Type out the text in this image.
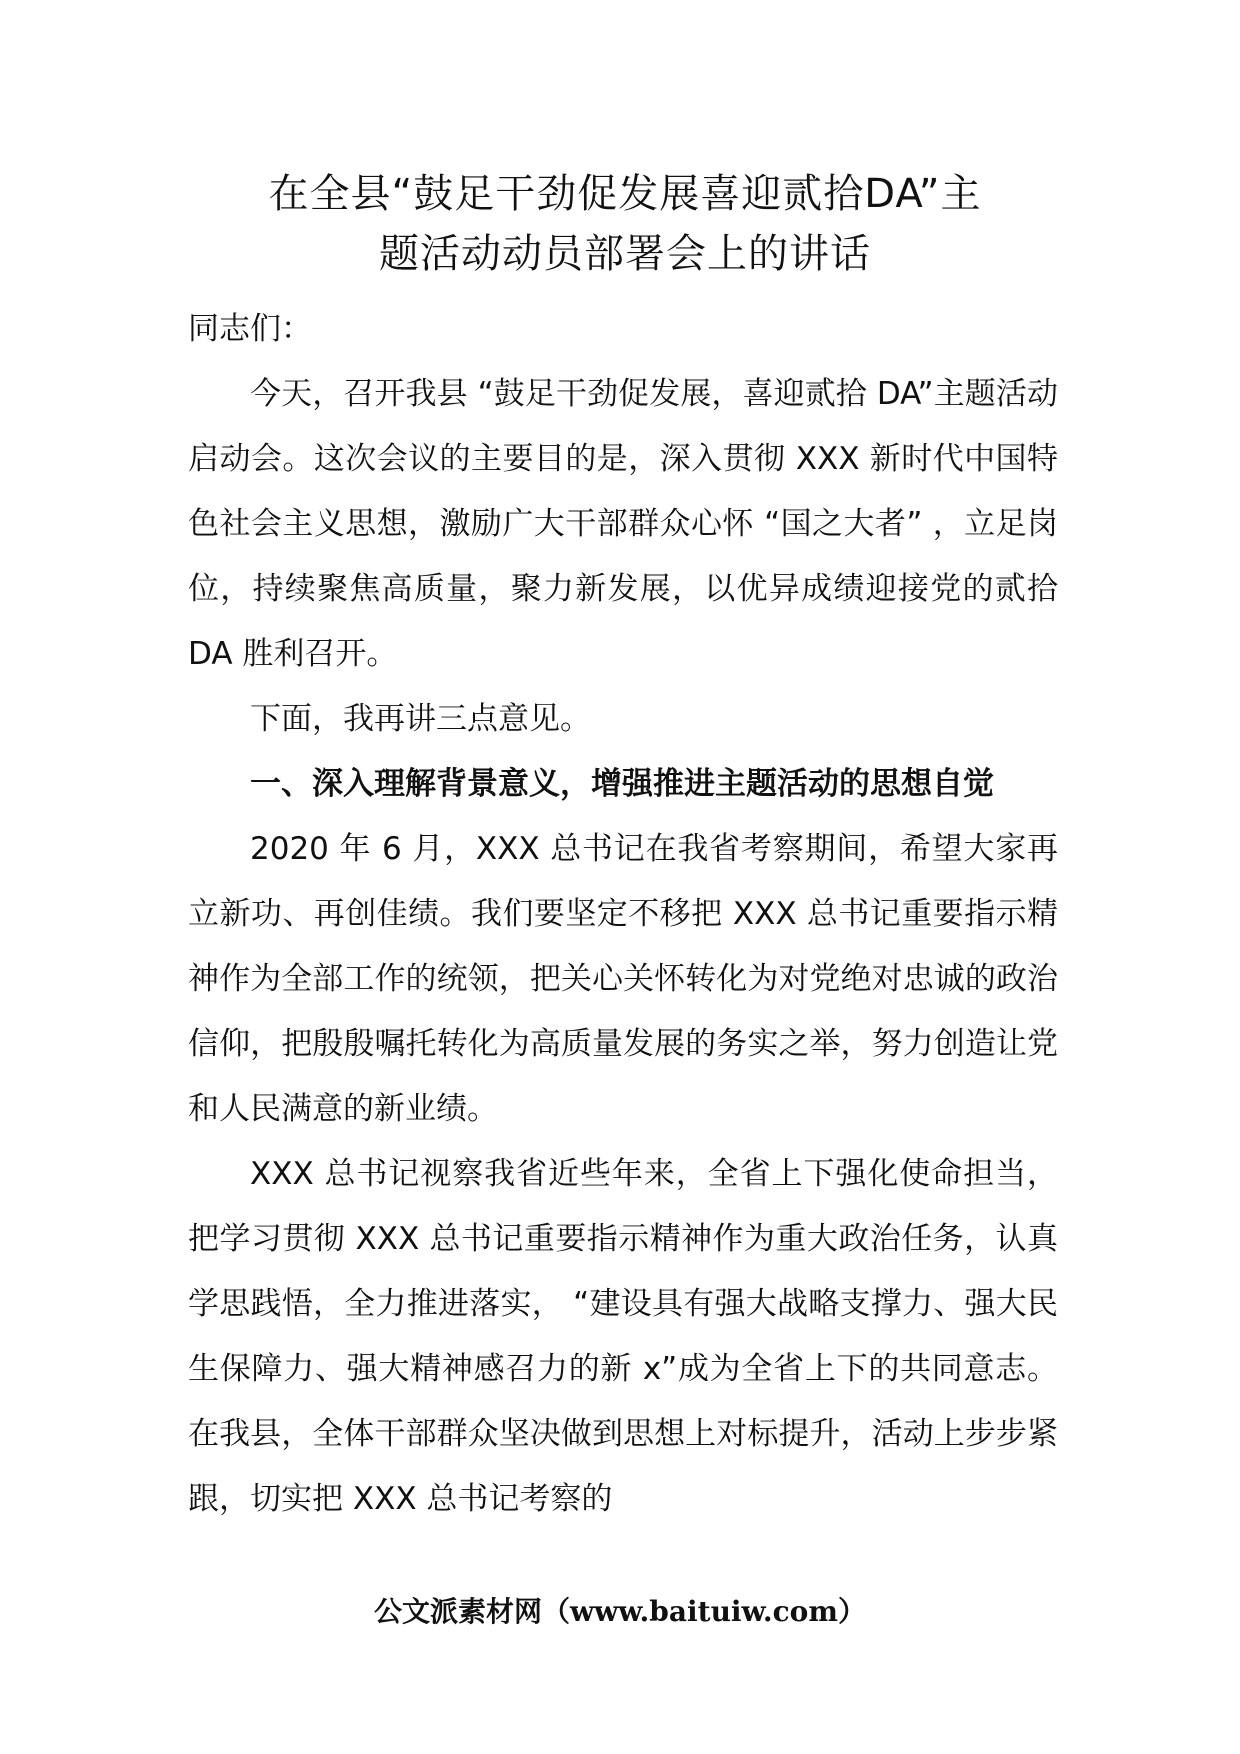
在全县“鼓足干劲促发展喜迎贰拾DA”主
题活动动员部署会上的讲话

同志们：

今天，召开我县 “鼓足干劲促发展，喜迎贰拾 DA”主题活动启动会。这次会议的主要目的是，深入贯彻 XXX 新时代中国特色社会主义思想，激励广大干部群众心怀 “国之大者” ，立足岗位，持续聚焦高质量，聚力新发展，以优异成绩迎接党的贰拾 DA 胜利召开。

下面，我再讲三点意见。

一、深入理解背景意义，增强推进主题活动的思想自觉

2020 年 6 月，XXX 总书记在我省考察期间，希望大家再立新功、再创佳绩。我们要坚定不移把 XXX 总书记重要指示精神作为全部工作的统领，把关心关怀转化为对党绝对忠诚的政治信仰，把殷殷嘱托转化为高质量发展的务实之举，努力创造让党和人民满意的新业绩。

XXX 总书记视察我省近些年来，全省上下强化使命担当，把学习贯彻 XXX 总书记重要指示精神作为重大政治任务，认真学思践悟，全力推进落实， “建设具有强大战略支撑力、强大民生保障力、强大精神感召力的新 x”成为全省上下的共同意志。在我县，全体干部群众坚决做到思想上对标提升，活动上步步紧跟，切实把 XXX 总书记考察的

公文派素材网（www.baituiw.com）
